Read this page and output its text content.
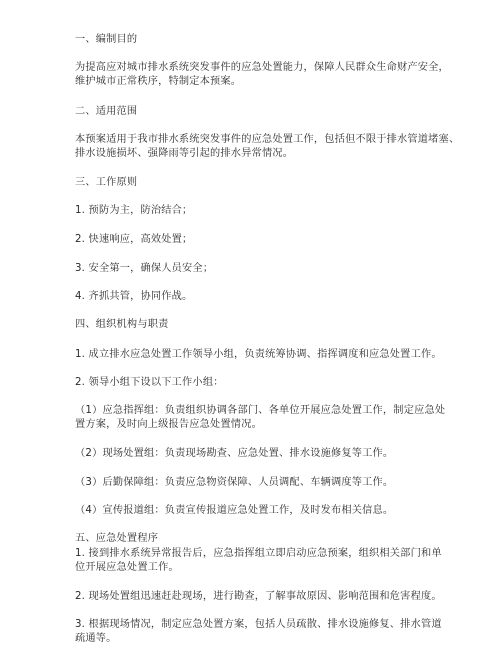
一、编制目的
为提高应对城市排水系统突发事件的应急处置能力，保障人民群众生命财产安全，
维护城市正常秩序，特制定本预案。
二、适用范围
本预案适用于我市排水系统突发事件的应急处置工作，包括但不限于排水管道堵塞、
排水设施损坏、强降雨等引起的排水异常情况。
三、工作原则
1. 预防为主，防治结合；
2. 快速响应，高效处置；
3. 安全第一，确保人员安全；
4. 齐抓共管，协同作战。
四、组织机构与职责
1. 成立排水应急处置工作领导小组，负责统筹协调、指挥调度和应急处置工作。
2. 领导小组下设以下工作小组：
（1）应急指挥组：负责组织协调各部门、各单位开展应急处置工作，制定应急处
置方案，及时向上级报告应急处置情况。
（2）现场处置组：负责现场勘查、应急处置、排水设施修复等工作。
（3）后勤保障组：负责应急物资保障、人员调配、车辆调度等工作。
（4）宣传报道组：负责宣传报道应急处置工作，及时发布相关信息。
五、应急处置程序
1. 接到排水系统异常报告后，应急指挥组立即启动应急预案，组织相关部门和单
位开展应急处置工作。
2. 现场处置组迅速赶赴现场，进行勘查，了解事故原因、影响范围和危害程度。
3. 根据现场情况，制定应急处置方案，包括人员疏散、排水设施修复、排水管道
疏通等。
